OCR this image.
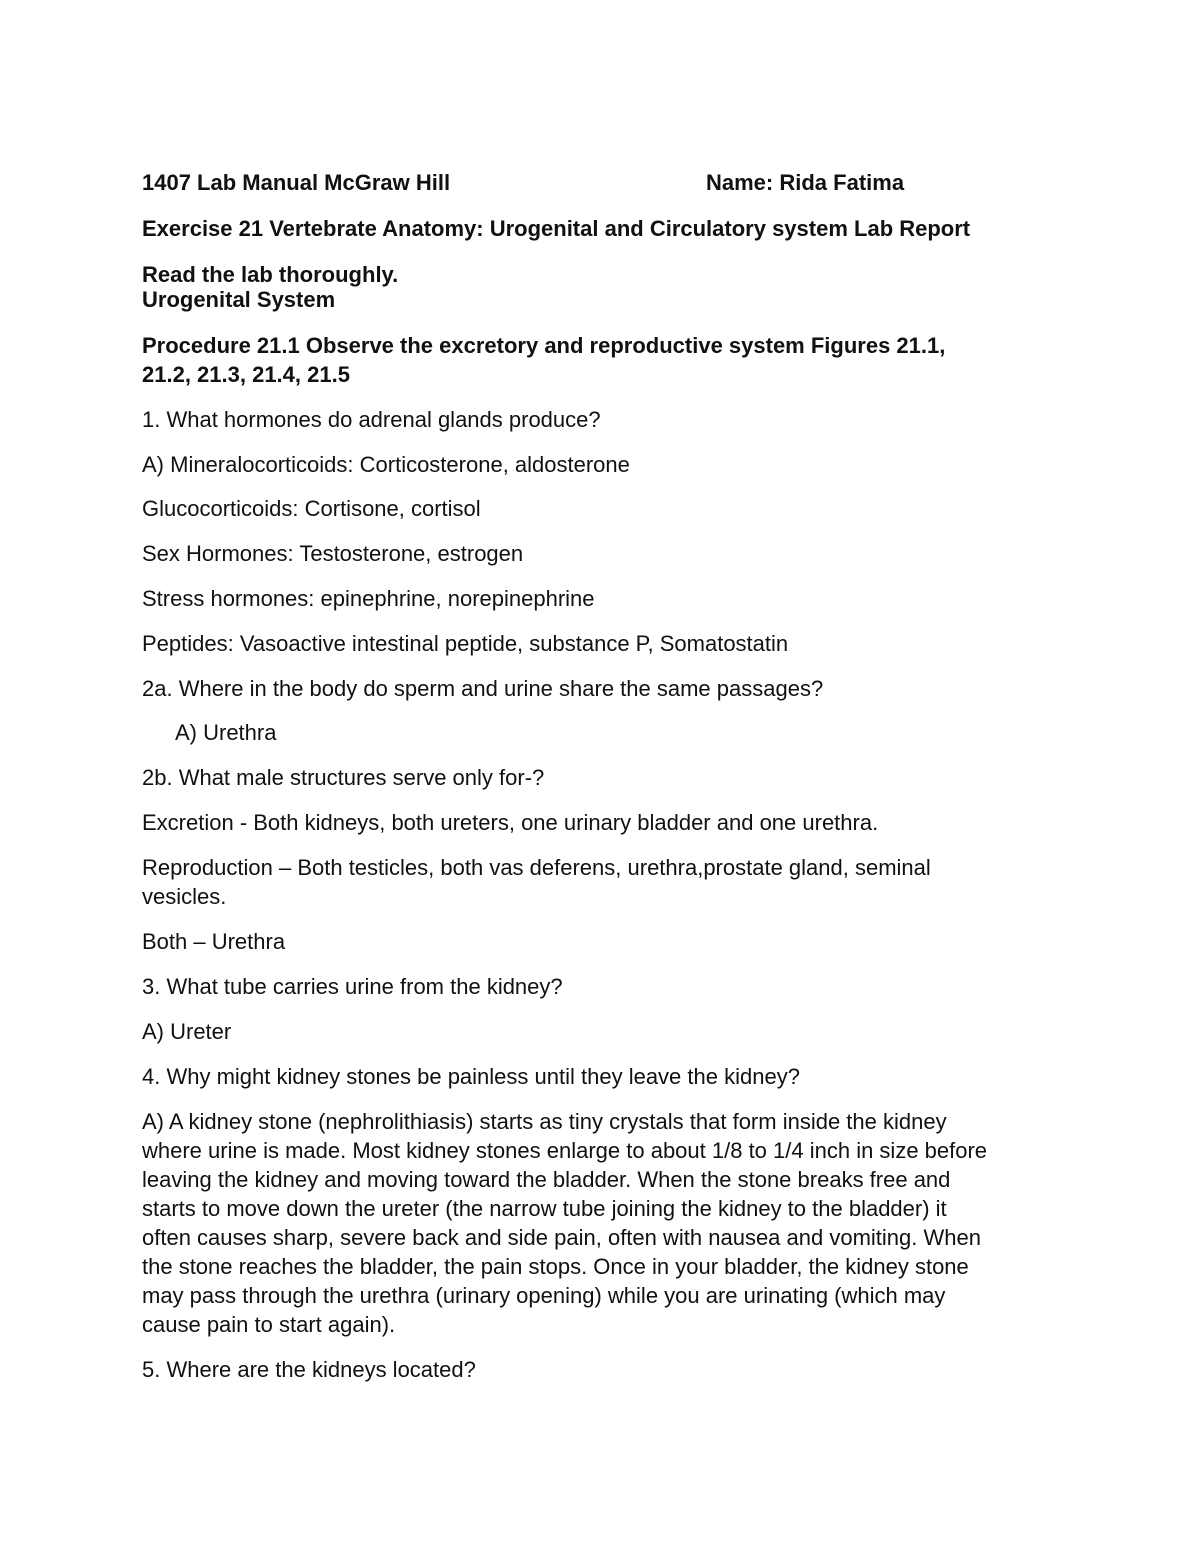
1407 Lab Manual McGraw Hill	Name: Rida Fatima

Exercise 21 Vertebrate Anatomy: Urogenital and Circulatory system Lab Report

Read the lab thoroughly.

Urogenital System

Procedure 21.1 Observe the excretory and reproductive system Figures 21.1,

21.2, 21.3, 21.4, 21.5

1. What hormones do adrenal glands produce?

A) Mineralocorticoids: Corticosterone, aldosterone

Glucocorticoids: Cortisone, cortisol

Sex Hormones: Testosterone, estrogen

Stress hormones: epinephrine, norepinephrine

Peptides: Vasoactive intestinal peptide, substance P, Somatostatin

2a. Where in the body do sperm and urine share the same passages?

A) Urethra

2b. What male structures serve only for-?

Excretion - Both kidneys, both ureters, one urinary bladder and one urethra.

Reproduction – Both testicles, both vas deferens, urethra,prostate gland, seminal

vesicles.

Both – Urethra

3. What tube carries urine from the kidney?

A) Ureter

4. Why might kidney stones be painless until they leave the kidney?

A) A kidney stone (nephrolithiasis) starts as tiny crystals that form inside the kidney

where urine is made. Most kidney stones enlarge to about 1/8 to 1/4 inch in size before

leaving the kidney and moving toward the bladder. When the stone breaks free and

starts to move down the ureter (the narrow tube joining the kidney to the bladder) it

often causes sharp, severe back and side pain, often with nausea and vomiting. When

the stone reaches the bladder, the pain stops. Once in your bladder, the kidney stone

may pass through the urethra (urinary opening) while you are urinating (which may

cause pain to start again).

5. Where are the kidneys located?
